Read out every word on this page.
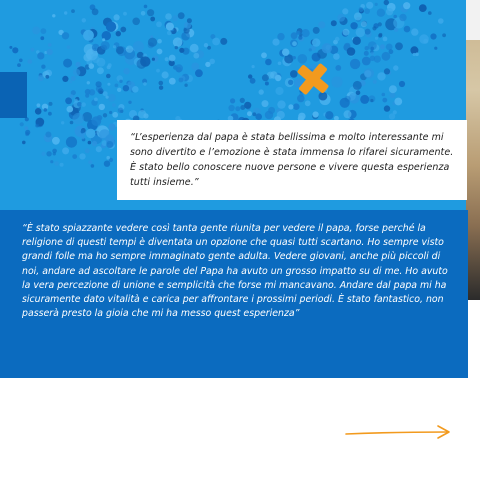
“L’esperienza dal papa è stata bellissima e molto interessante mi sono divertito e l’emozione è stata immensa lo rifarei sicuramente. È stato bello conoscere nuove persone e vivere questa esperienza tutti insieme.”

“È stato spiazzante vedere così tanta gente riunita per vedere il papa, forse perché la religione di questi tempi è diventata un opzione che quasi tutti scartano. Ho sempre visto grandi folle ma ho sempre immaginato gente adulta. Vedere giovani, anche più piccoli di noi, andare ad ascoltare le parole del Papa ha avuto un grosso impatto su di me. Ho avuto la vera percezione di unione e semplicità che forse mi mancavano. Andare dal papa mi ha sicuramente dato vitalità e carica per affrontare i prossimi periodi. È stato fantastico, non passerà presto la gioia che mi ha messo quest esperienza”
